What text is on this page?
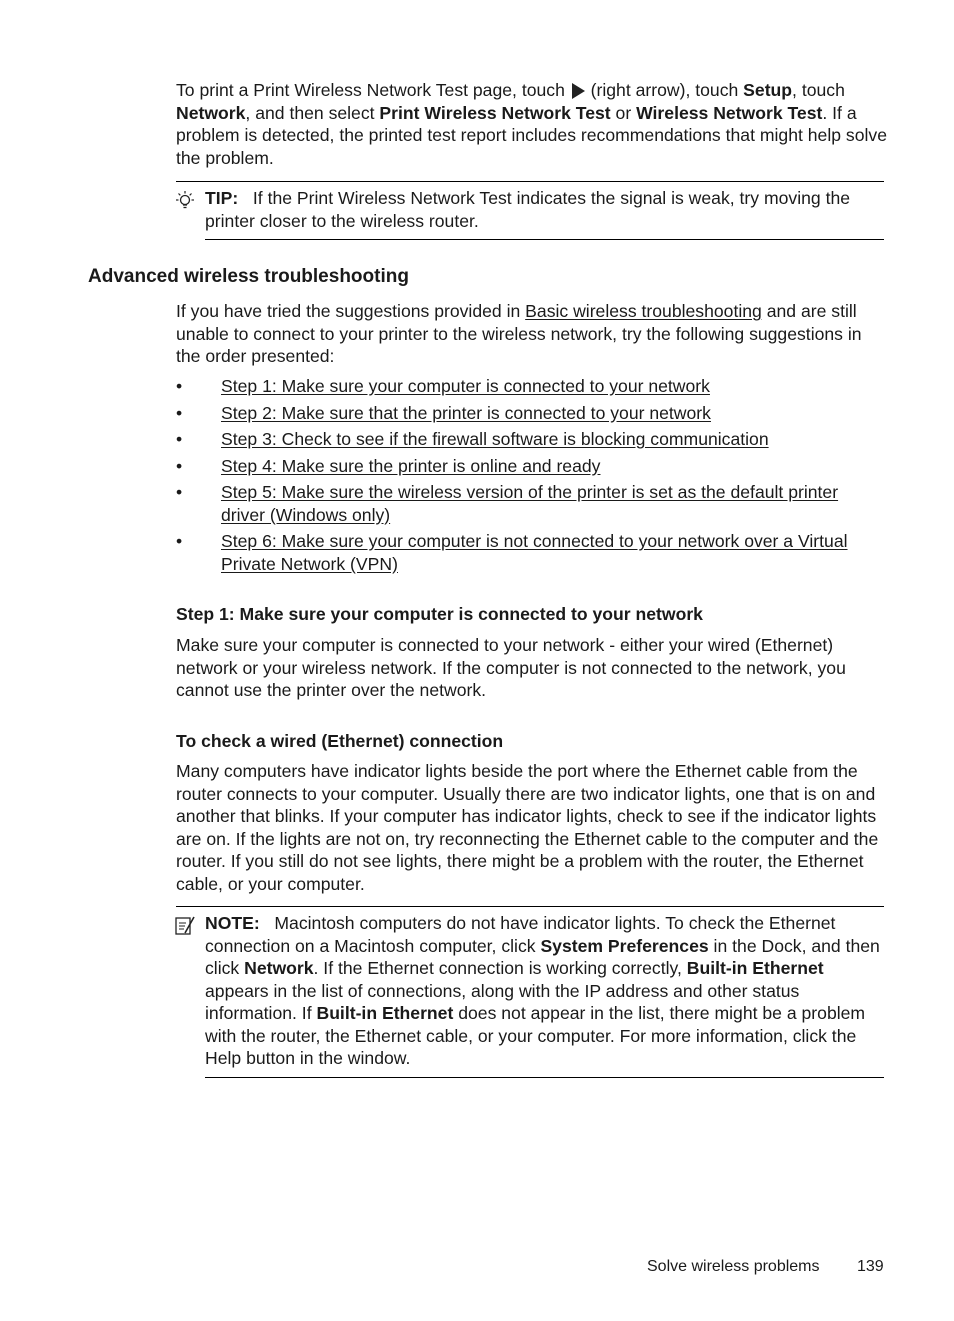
To print a Print Wireless Network Test page, touch  (right arrow), touch Setup, touch Network, and then select Print Wireless Network Test or Wireless Network Test. If a problem is detected, the printed test report includes recommendations that might help solve the problem.

TIP: If the Print Wireless Network Test indicates the signal is weak, try moving the printer closer to the wireless router.

Advanced wireless troubleshooting

If you have tried the suggestions provided in Basic wireless troubleshooting and are still unable to connect to your printer to the wireless network, try the following suggestions in the order presented:

• Step 1: Make sure your computer is connected to your network
• Step 2: Make sure that the printer is connected to your network
• Step 3: Check to see if the firewall software is blocking communication
• Step 4: Make sure the printer is online and ready
• Step 5: Make sure the wireless version of the printer is set as the default printer driver (Windows only)
• Step 6: Make sure your computer is not connected to your network over a Virtual Private Network (VPN)
Step 1: Make sure your computer is connected to your network

Make sure your computer is connected to your network - either your wired (Ethernet) network or your wireless network. If the computer is not connected to the network, you cannot use the printer over the network.

To check a wired (Ethernet) connection

Many computers have indicator lights beside the port where the Ethernet cable from the router connects to your computer. Usually there are two indicator lights, one that is on and another that blinks. If your computer has indicator lights, check to see if the indicator lights are on. If the lights are not on, try reconnecting the Ethernet cable to the computer and the router. If you still do not see lights, there might be a problem with the router, the Ethernet cable, or your computer.

NOTE: Macintosh computers do not have indicator lights. To check the Ethernet connection on a Macintosh computer, click System Preferences in the Dock, and then click Network. If the Ethernet connection is working correctly, Built-in Ethernet appears in the list of connections, along with the IP address and other status information. If Built-in Ethernet does not appear in the list, there might be a problem with the router, the Ethernet cable, or your computer. For more information, click the Help button in the window.

Solve wireless problems 139
